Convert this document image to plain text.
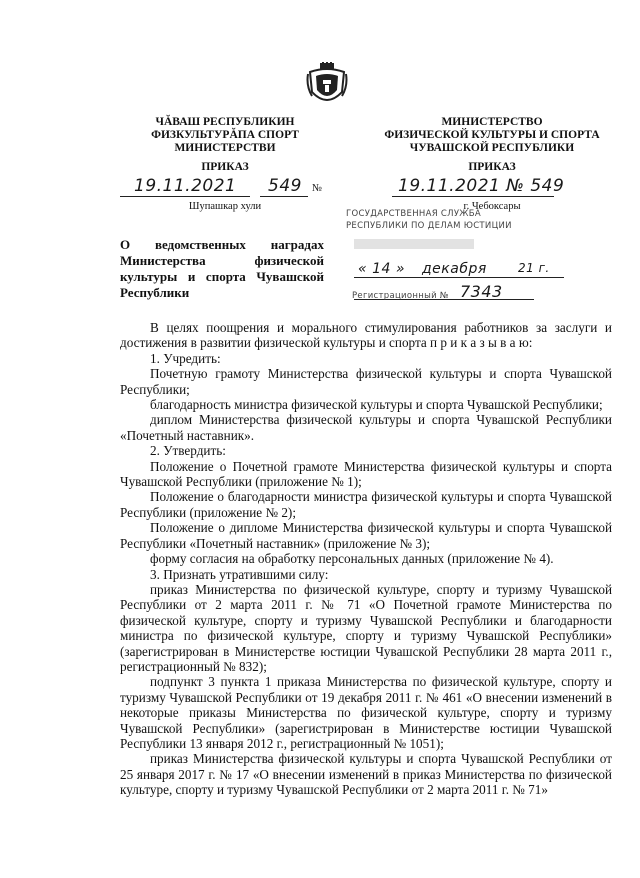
ЧĂВАШ РЕСПУБЛИКИН
ФИЗКУЛЬТУРĂПА СПОРТ
МИНИСТЕРСТВИ
МИНИСТЕРСТВО
ФИЗИЧЕСКОЙ КУЛЬТУРЫ И СПОРТА
ЧУВАШСКОЙ РЕСПУБЛИКИ
ПРИКАЗ	ПРИКАЗ
19.11.2021 549 №
Шупашкар хули
19.11.2021 № 549
г. Чебоксары
ГОСУДАРСТВЕННАЯ СЛУЖБА
РЕСПУБЛИКИ ПО ДЕЛАМ ЮСТИЦИИ
« 14 » декабря	21 г.
Регистрационный № 7343
О ведомственных наградах Министерства физической культуры и спорта Чувашской Республики

В целях поощрения и морального стимулирования работников за заслуги и достижения в развитии физической культуры и спорта п р и к а з ы в а ю:

1. Учредить:

Почетную грамоту Министерства физической культуры и спорта Чувашской Республики;

благодарность министра физической культуры и спорта Чувашской Республики;

диплом Министерства физической культуры и спорта Чувашской Республики «Почетный наставник».

2. Утвердить:

Положение о Почетной грамоте Министерства физической культуры и спорта Чувашской Республики (приложение № 1);

Положение о благодарности министра физической культуры и спорта Чувашской Республики (приложение № 2);

Положение о дипломе Министерства физической культуры и спорта Чувашской Республики «Почетный наставник» (приложение № 3);

форму согласия на обработку персональных данных (приложение № 4).

3. Признать утратившими силу:

приказ Министерства по физической культуре, спорту и туризму Чувашской Республики от 2 марта 2011 г. № 71 «О Почетной грамоте Министерства по физической культуре, спорту и туризму Чувашской Республики и благодарности министра по физической культуре, спорту и туризму Чувашской Республики» (зарегистрирован в Министерстве юстиции Чувашской Республики 28 марта 2011 г., регистрационный № 832);

подпункт 3 пункта 1 приказа Министерства по физической культуре, спорту и туризму Чувашской Республики от 19 декабря 2011 г. № 461 «О внесении изменений в некоторые приказы Министерства по физической культуре, спорту и туризму Чувашской Республики» (зарегистрирован в Министерстве юстиции Чувашской Республики 13 января 2012 г., регистрационный № 1051);

приказ Министерства физической культуры и спорта Чувашской Республики от 25 января 2017 г. № 17 «О внесении изменений в приказ Министерства по физической культуре, спорту и туризму Чувашской Республики от 2 марта 2011 г. № 71»
